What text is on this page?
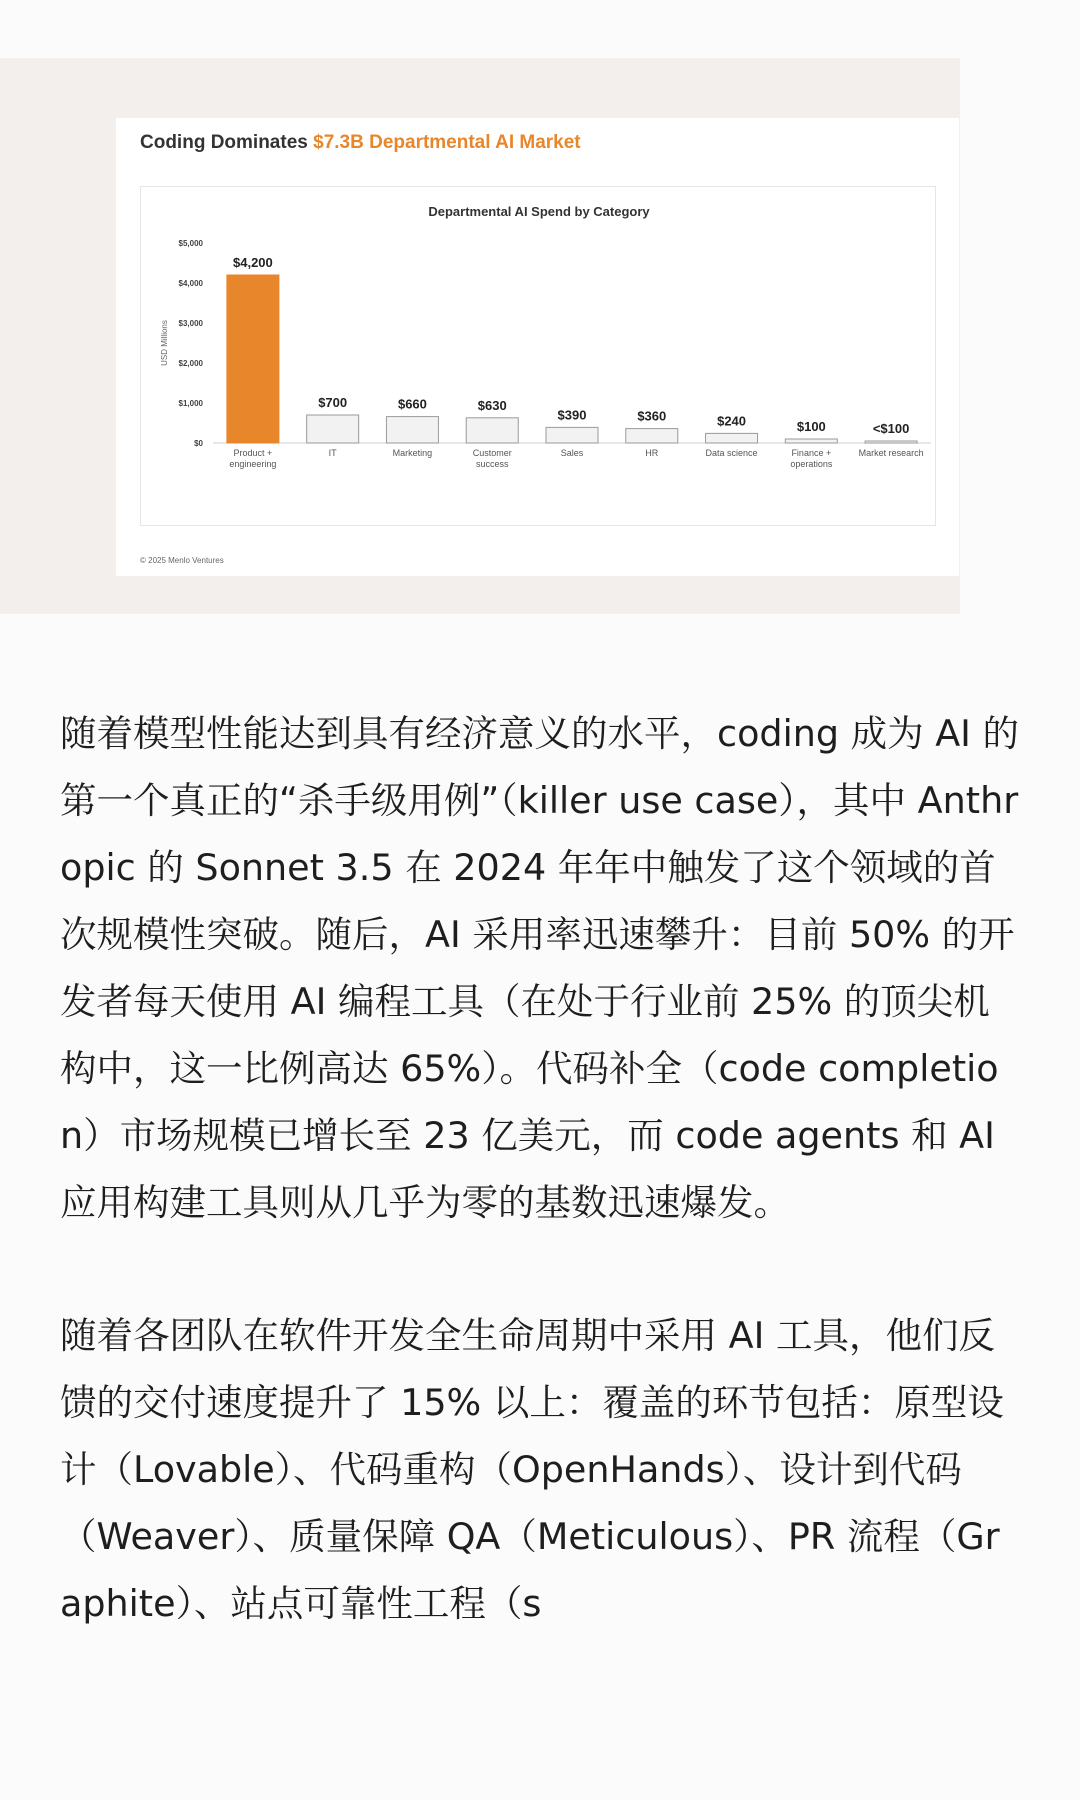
Coding Dominates $7.3B Departmental AI Market
Departmental AI Spend by Category
USD Millions
$0
$1,000
$2,000
$3,000
$4,000
$5,000
$4,200
Product +
engineering
$700
IT
$660
Marketing
$630
Customer
success
$390
Sales
$360
HR
$240
Data science
$100
Finance +
operations
<$100
Market research
© 2025 Menlo Ventures

随着模型性能达到具有经济意义的水平，coding 成为 AI 的第一个真正的“杀手级用例”（killer use case），其中 Anthropic 的 Sonnet 3.5 在 2024 年年中触发了这个领域的首次规模性突破。随后，AI 采用率迅速攀升：目前 50% 的开发者每天使用 AI 编程工具（在处于行业前 25% 的顶尖机构中，这一比例高达 65%）。代码补全（code completion）市场规模已增长至 23 亿美元，而 code agents 和 AI 应用构建工具则从几乎为零的基数迅速爆发。

随着各团队在软件开发全生命周期中采用 AI 工具，他们反馈的交付速度提升了 15% 以上：覆盖的环节包括：原型设计（Lovable）、代码重构（OpenHands）、设计到代码（Weaver）、质量保障 QA（Meticulous）、PR 流程（Graphite）、站点可靠性工程（s
